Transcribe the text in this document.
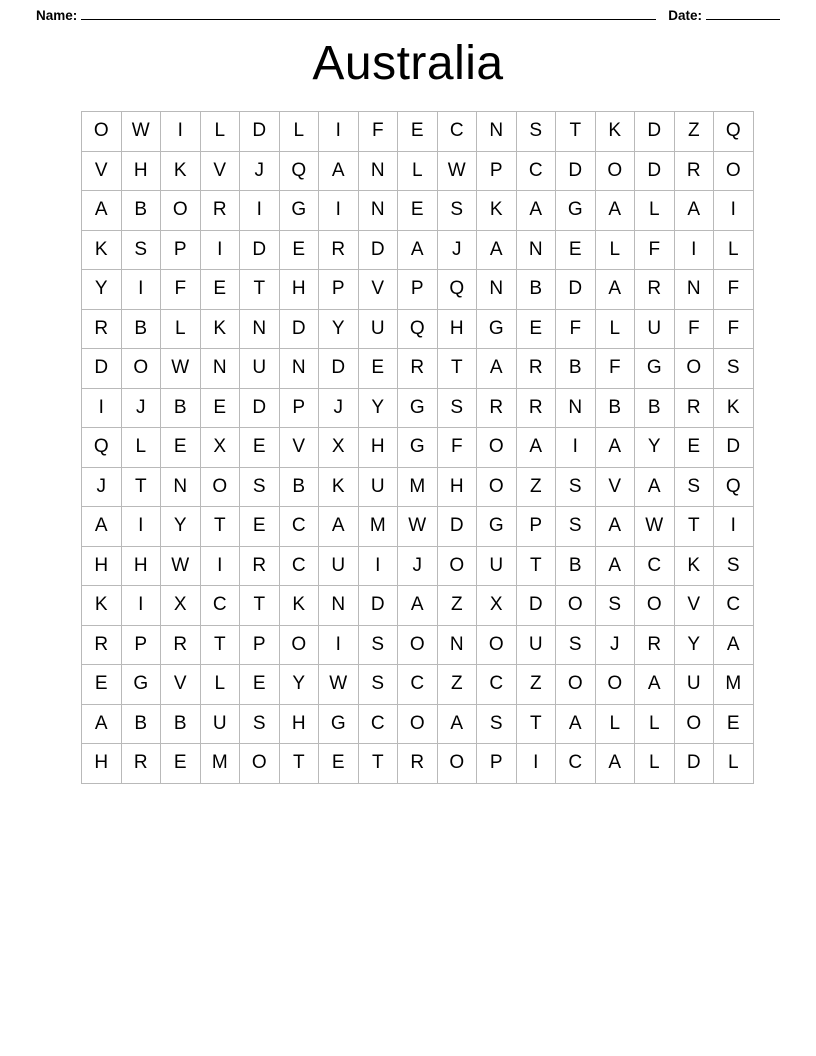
Name:	Date:
Australia
O	W	I	L	D	L	I	F	E	C	N	S	T	K	D	Z	Q
V	H	K	V	J	Q	A	N	L	W	P	C	D	O	D	R	O
A	B	O	R	I	G	I	N	E	S	K	A	G	A	L	A	I
K	S	P	I	D	E	R	D	A	J	A	N	E	L	F	I	L
Y	I	F	E	T	H	P	V	P	Q	N	B	D	A	R	N	F
R	B	L	K	N	D	Y	U	Q	H	G	E	F	L	U	F	F
D	O	W	N	U	N	D	E	R	T	A	R	B	F	G	O	S
I	J	B	E	D	P	J	Y	G	S	R	R	N	B	B	R	K
Q	L	E	X	E	V	X	H	G	F	O	A	I	A	Y	E	D
J	T	N	O	S	B	K	U	M	H	O	Z	S	V	A	S	Q
A	I	Y	T	E	C	A	M	W	D	G	P	S	A	W	T	I
H	H	W	I	R	C	U	I	J	O	U	T	B	A	C	K	S
K	I	X	C	T	K	N	D	A	Z	X	D	O	S	O	V	C
R	P	R	T	P	O	I	S	O	N	O	U	S	J	R	Y	A
E	G	V	L	E	Y	W	S	C	Z	C	Z	O	O	A	U	M
A	B	B	U	S	H	G	C	O	A	S	T	A	L	L	O	E
H	R	E	M	O	T	E	T	R	O	P	I	C	A	L	D	L
